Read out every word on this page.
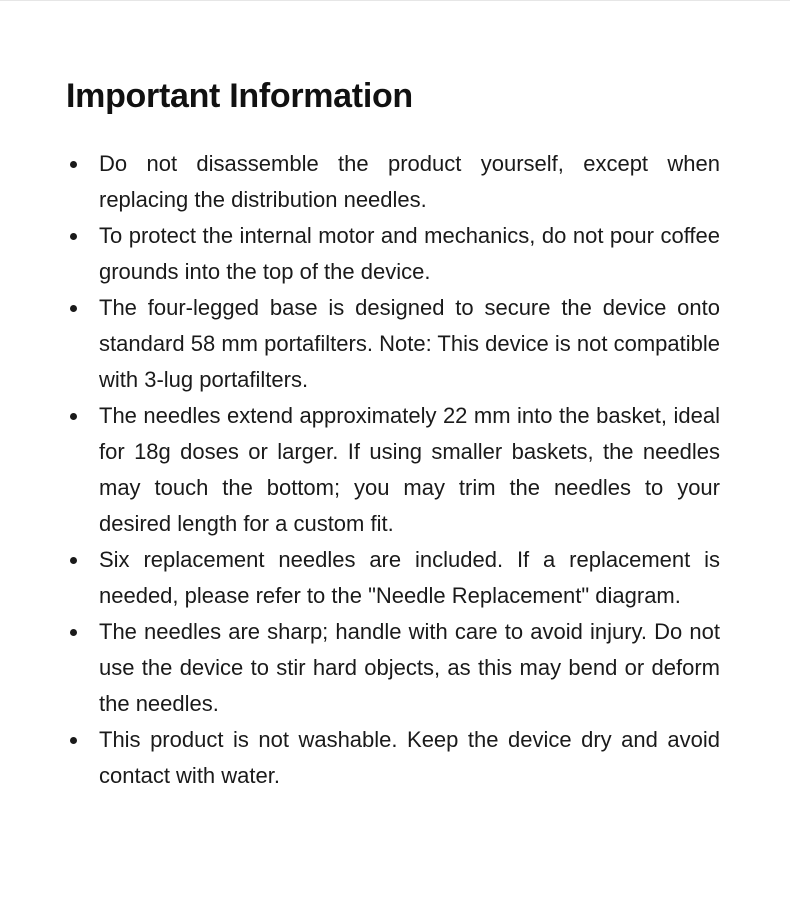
Important Information
Do not disassemble the product yourself, except when replacing the distribution needles.
To protect the internal motor and mechanics, do not pour coffee grounds into the top of the device.
The four-legged base is designed to secure the device onto standard 58 mm portafilters. Note: This device is not compatible with 3-lug portafilters.
The needles extend approximately 22 mm into the basket, ideal for 18g doses or larger. If using smaller baskets, the needles may touch the bottom; you may trim the needles to your desired length for a custom fit.
Six replacement needles are included. If a replacement is needed, please refer to the "Needle Replacement" diagram.
The needles are sharp; handle with care to avoid injury. Do not use the device to stir hard objects, as this may bend or deform the needles.
This product is not washable. Keep the device dry and avoid contact with water.
